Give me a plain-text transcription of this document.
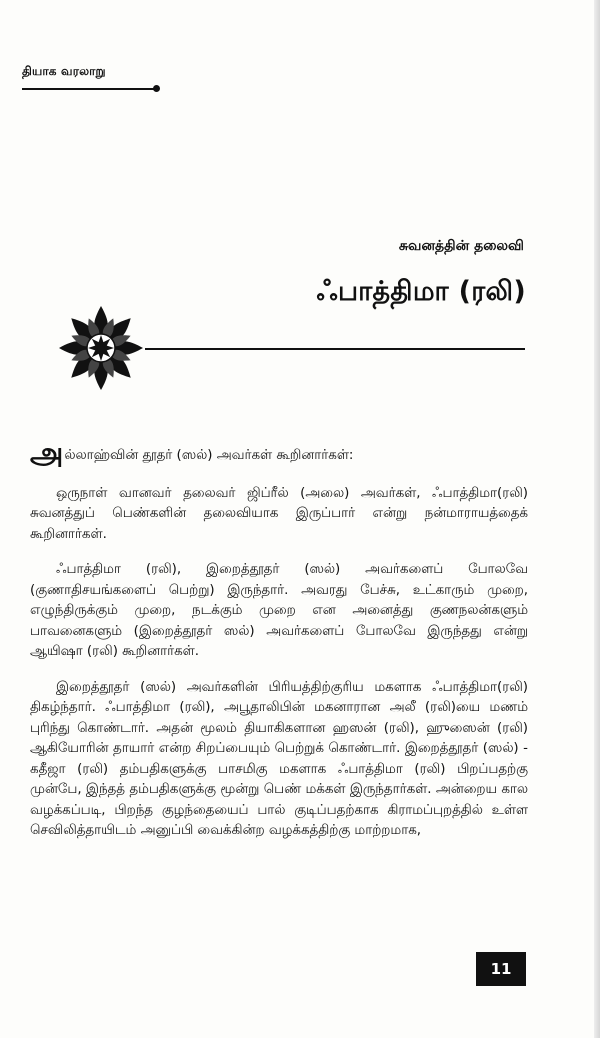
தியாக வரலாறு
சுவனத்தின் தலைவி
ஃபாத்திமா (ரலி)

அல்லாஹ்வின் தூதர் (ஸல்) அவர்கள் கூறினார்கள்:

ஒருநாள் வானவர் தலைவர் ஜிப்ரீல் (அலை) அவர்கள், ஃபாத்திமா(ரலி) சுவனத்துப் பெண்களின் தலைவியாக இருப்பார் என்று நன்மாராயத்தைக் கூறினார்கள்.

ஃபாத்திமா (ரலி), இறைத்தூதர் (ஸல்) அவர்களைப் போலவே (குணாதிசயங்களைப் பெற்று) இருந்தார். அவரது பேச்சு, உட்காரும் முறை, எழுந்திருக்கும் முறை, நடக்கும் முறை என அனைத்து குணநலன்களும் பாவனைகளும் (இறைத்தூதர் ஸல்) அவர்களைப் போலவே இருந்தது என்று ஆயிஷா (ரலி) கூறினார்கள்.

இறைத்தூதர் (ஸல்) அவர்களின் பிரியத்திற்குரிய மகளாக ஃபாத்திமா(ரலி) திகழ்ந்தார். ஃபாத்திமா (ரலி), அபூதாலிபின் மகனாரான அலீ (ரலி)யை மணம் புரிந்து கொண்டார். அதன் மூலம் தியாகிகளான ஹஸன் (ரலி), ஹுஸைன் (ரலி) ஆகியோரின் தாயார் என்ற சிறப்பையும் பெற்றுக் கொண்டார். இறைத்தூதர் (ஸல்) - கதீஜா (ரலி) தம்பதிகளுக்கு பாசமிகு மகளாக ஃபாத்திமா (ரலி) பிறப்பதற்கு முன்பே, இந்தத் தம்பதிகளுக்கு மூன்று பெண் மக்கள் இருந்தார்கள். அன்றைய கால வழக்கப்படி, பிறந்த குழந்தையைப் பால் குடிப்பதற்காக கிராமப்புறத்தில் உள்ள செவிலித்தாயிடம் அனுப்பி வைக்கின்ற வழக்கத்திற்கு மாற்றமாக,

11
